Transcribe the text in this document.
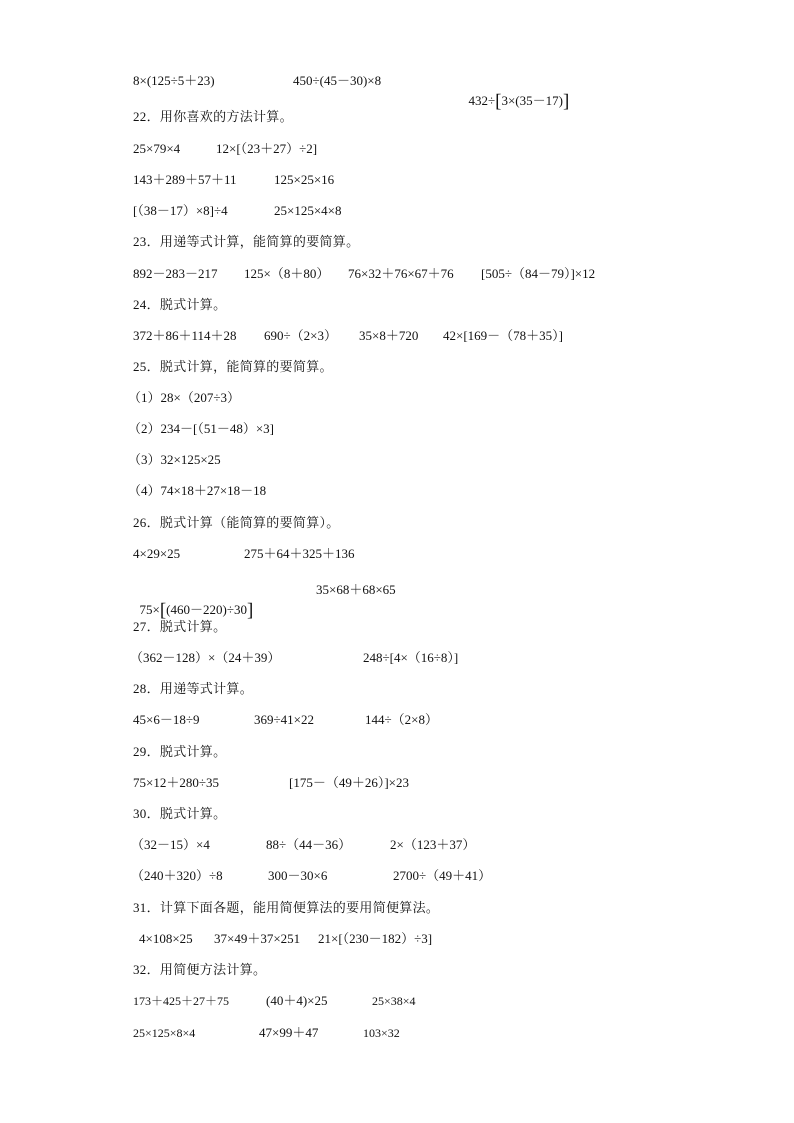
8×(125÷5＋23)	450÷(45－30)×8

432÷[3×(35－17)]

22．用你喜欢的方法计算。
25×79×4	12×[（23＋27）÷2]
143＋289＋57＋11	125×25×16
[（38－17）×8]÷4	25×125×4×8
23．用递等式计算，能简算的要简算。
892－283－217 125×（8＋80） 76×32＋76×67＋76 [505÷（84－79）]×12
24．脱式计算。
372＋86＋114＋28 690÷（2×3） 35×8＋720 42×[169－（78＋35）]
25．脱式计算，能简算的要简算。
（1）28×（207÷3）
（2）234－[（51－48）×3]
（3）32×125×25
（4）74×18＋27×18－18
26．脱式计算（能简算的要简算）。
4×29×25	275＋64＋325＋136

75×[(460－220)÷30]

35×68＋68×65
27．脱式计算。
（362－128）×（24＋39）	248÷[4×（16÷8）]
28．用递等式计算。
45×6－18÷9	369÷41×22	144÷（2×8）
29．脱式计算。
75×12＋280÷35	[175－（49＋26）]×23
30．脱式计算。
（32－15）×4	88÷（44－36）	2×（123＋37）
（240＋320）÷8	300－30×6	2700÷（49＋41）
31．计算下面各题，能用简便算法的要用简便算法。
4×108×25 37×49＋37×251 21×[（230－182）÷3]
32．用简便方法计算。
173＋425＋27＋75	(40＋4)×25	25×38×4
25×125×8×4	47×99＋47	103×32
